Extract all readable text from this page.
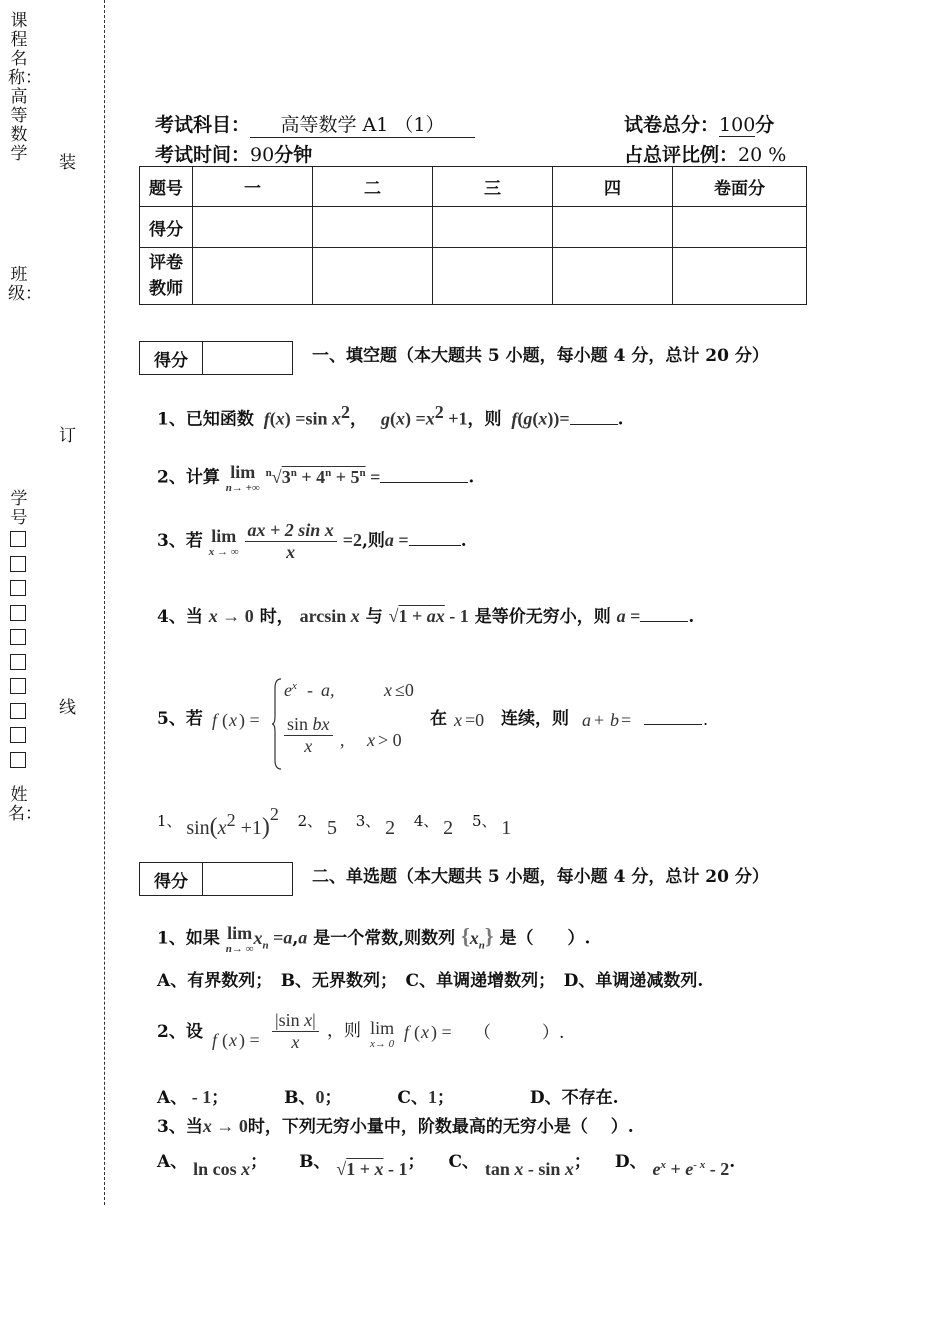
课程名称：高等数学
班级：
学号
姓名：
装
订
线
考试科目： 高等数学 A1 （1）	试卷总分：100分
考试时间：90分钟	占总评比例：20 %
题号	一	二	三	四	卷面分
得分					
评卷
教师					
得分	一、填空题（本大题共 5 小题，每小题 4 分，总计 20 分）
1、已知函数 f(x) =sin $x^2$， $g(x) =x^2 +1$，则 f(g(x))=	.
2、计算 lim
n→ +∞
$^n√3^n + 4^n + 5^n$ =	.
3、若 lim
x → ∞
$\frac{\text{ax + 2 sin x}}{x} =2$,则a =	.
4、当 x → 0 时， arcsin x 与 √1 + ax - 1 是等价无穷小，则 a =	.
5、若 f ( x ) =
$e^x$ - a,	x ≤0
$\frac{\text{sin bx}}{x}$ , x > 0
在 x =0 连续，则 a + b =	.
1、 $\sin(x^2 +1)^2$ 2、 5 3、 2 4、 2 5、 1
得分	二、单选题（本大题共 5 小题，每小题 4 分，总计 20 分）
1、如果 lim
n→ ∞
$x_n =a,a$ 是一个常数,则数列 $\{x_n\}$ 是（　　）.
A、有界数列；　B、无界数列；　C、单调递增数列；　D、单调递减数列.
2、设 f ( x ) = $\frac{\text{|sin x|}}{x}$ ，则 lim
x→ 0
f ( x ) = （　　　）.
A、 - 1；	B、0；	C、1；	D、不存在.
3、当x → 0时，下列无穷小量中，阶数最高的无穷小是（　 ）.
A、 ln cos x； B、 √1 + x - 1； C、 tan x - sin x； D、 $e^x + e^{- x} - 2$.
